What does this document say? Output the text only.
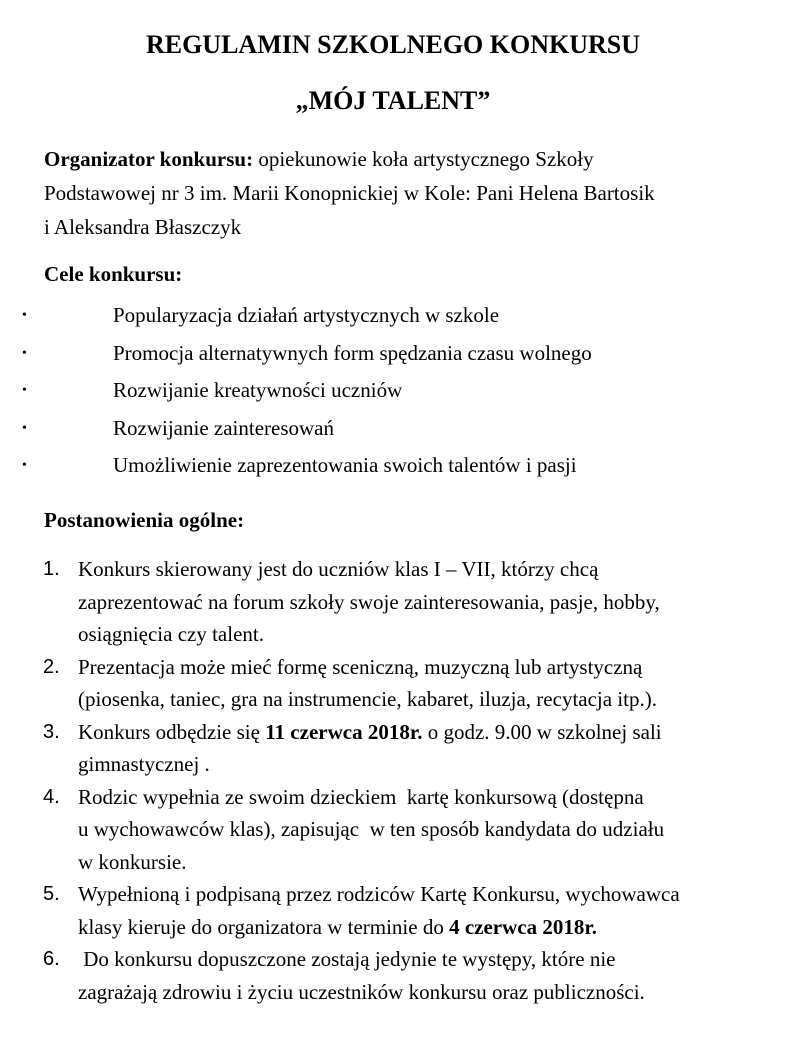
REGULAMIN SZKOLNEGO KONKURSU
„MÓJ TALENT”

Organizator konkursu: opiekunowie koła artystycznego Szkoły
Podstawowej nr 3 im. Marii Konopnickiej w Kole: Pani Helena Bartosik
i Aleksandra Błaszczyk

Cele konkursu:

•	Popularyzacja działań artystycznych w szkole
•	Promocja alternatywnych form spędzania czasu wolnego
•	Rozwijanie kreatywności uczniów
•	Rozwijanie zainteresowań
•	Umożliwienie zaprezentowania swoich talentów i pasji

Postanowienia ogólne:

1. Konkurs skierowany jest do uczniów klas I – VII, którzy chcą
zaprezentować na forum szkoły swoje zainteresowania, pasje, hobby,
osiągnięcia czy talent.
2. Prezentacja może mieć formę sceniczną, muzyczną lub artystyczną
(piosenka, taniec, gra na instrumencie, kabaret, iluzja, recytacja itp.).
3. Konkurs odbędzie się 11 czerwca 2018r. o godz. 9.00 w szkolnej sali
gimnastycznej .
4. Rodzic wypełnia ze swoim dzieckiem  kartę konkursową (dostępna
u wychowawców klas), zapisując  w ten sposób kandydata do udziału
w konkursie.
5. Wypełnioną i podpisaną przez rodziców Kartę Konkursu, wychowawca
klasy kieruje do organizatora w terminie do 4 czerwca 2018r.
6. Do konkursu dopuszczone zostają jedynie te występy, które nie
zagrażają zdrowiu i życiu uczestników konkursu oraz publiczności.
